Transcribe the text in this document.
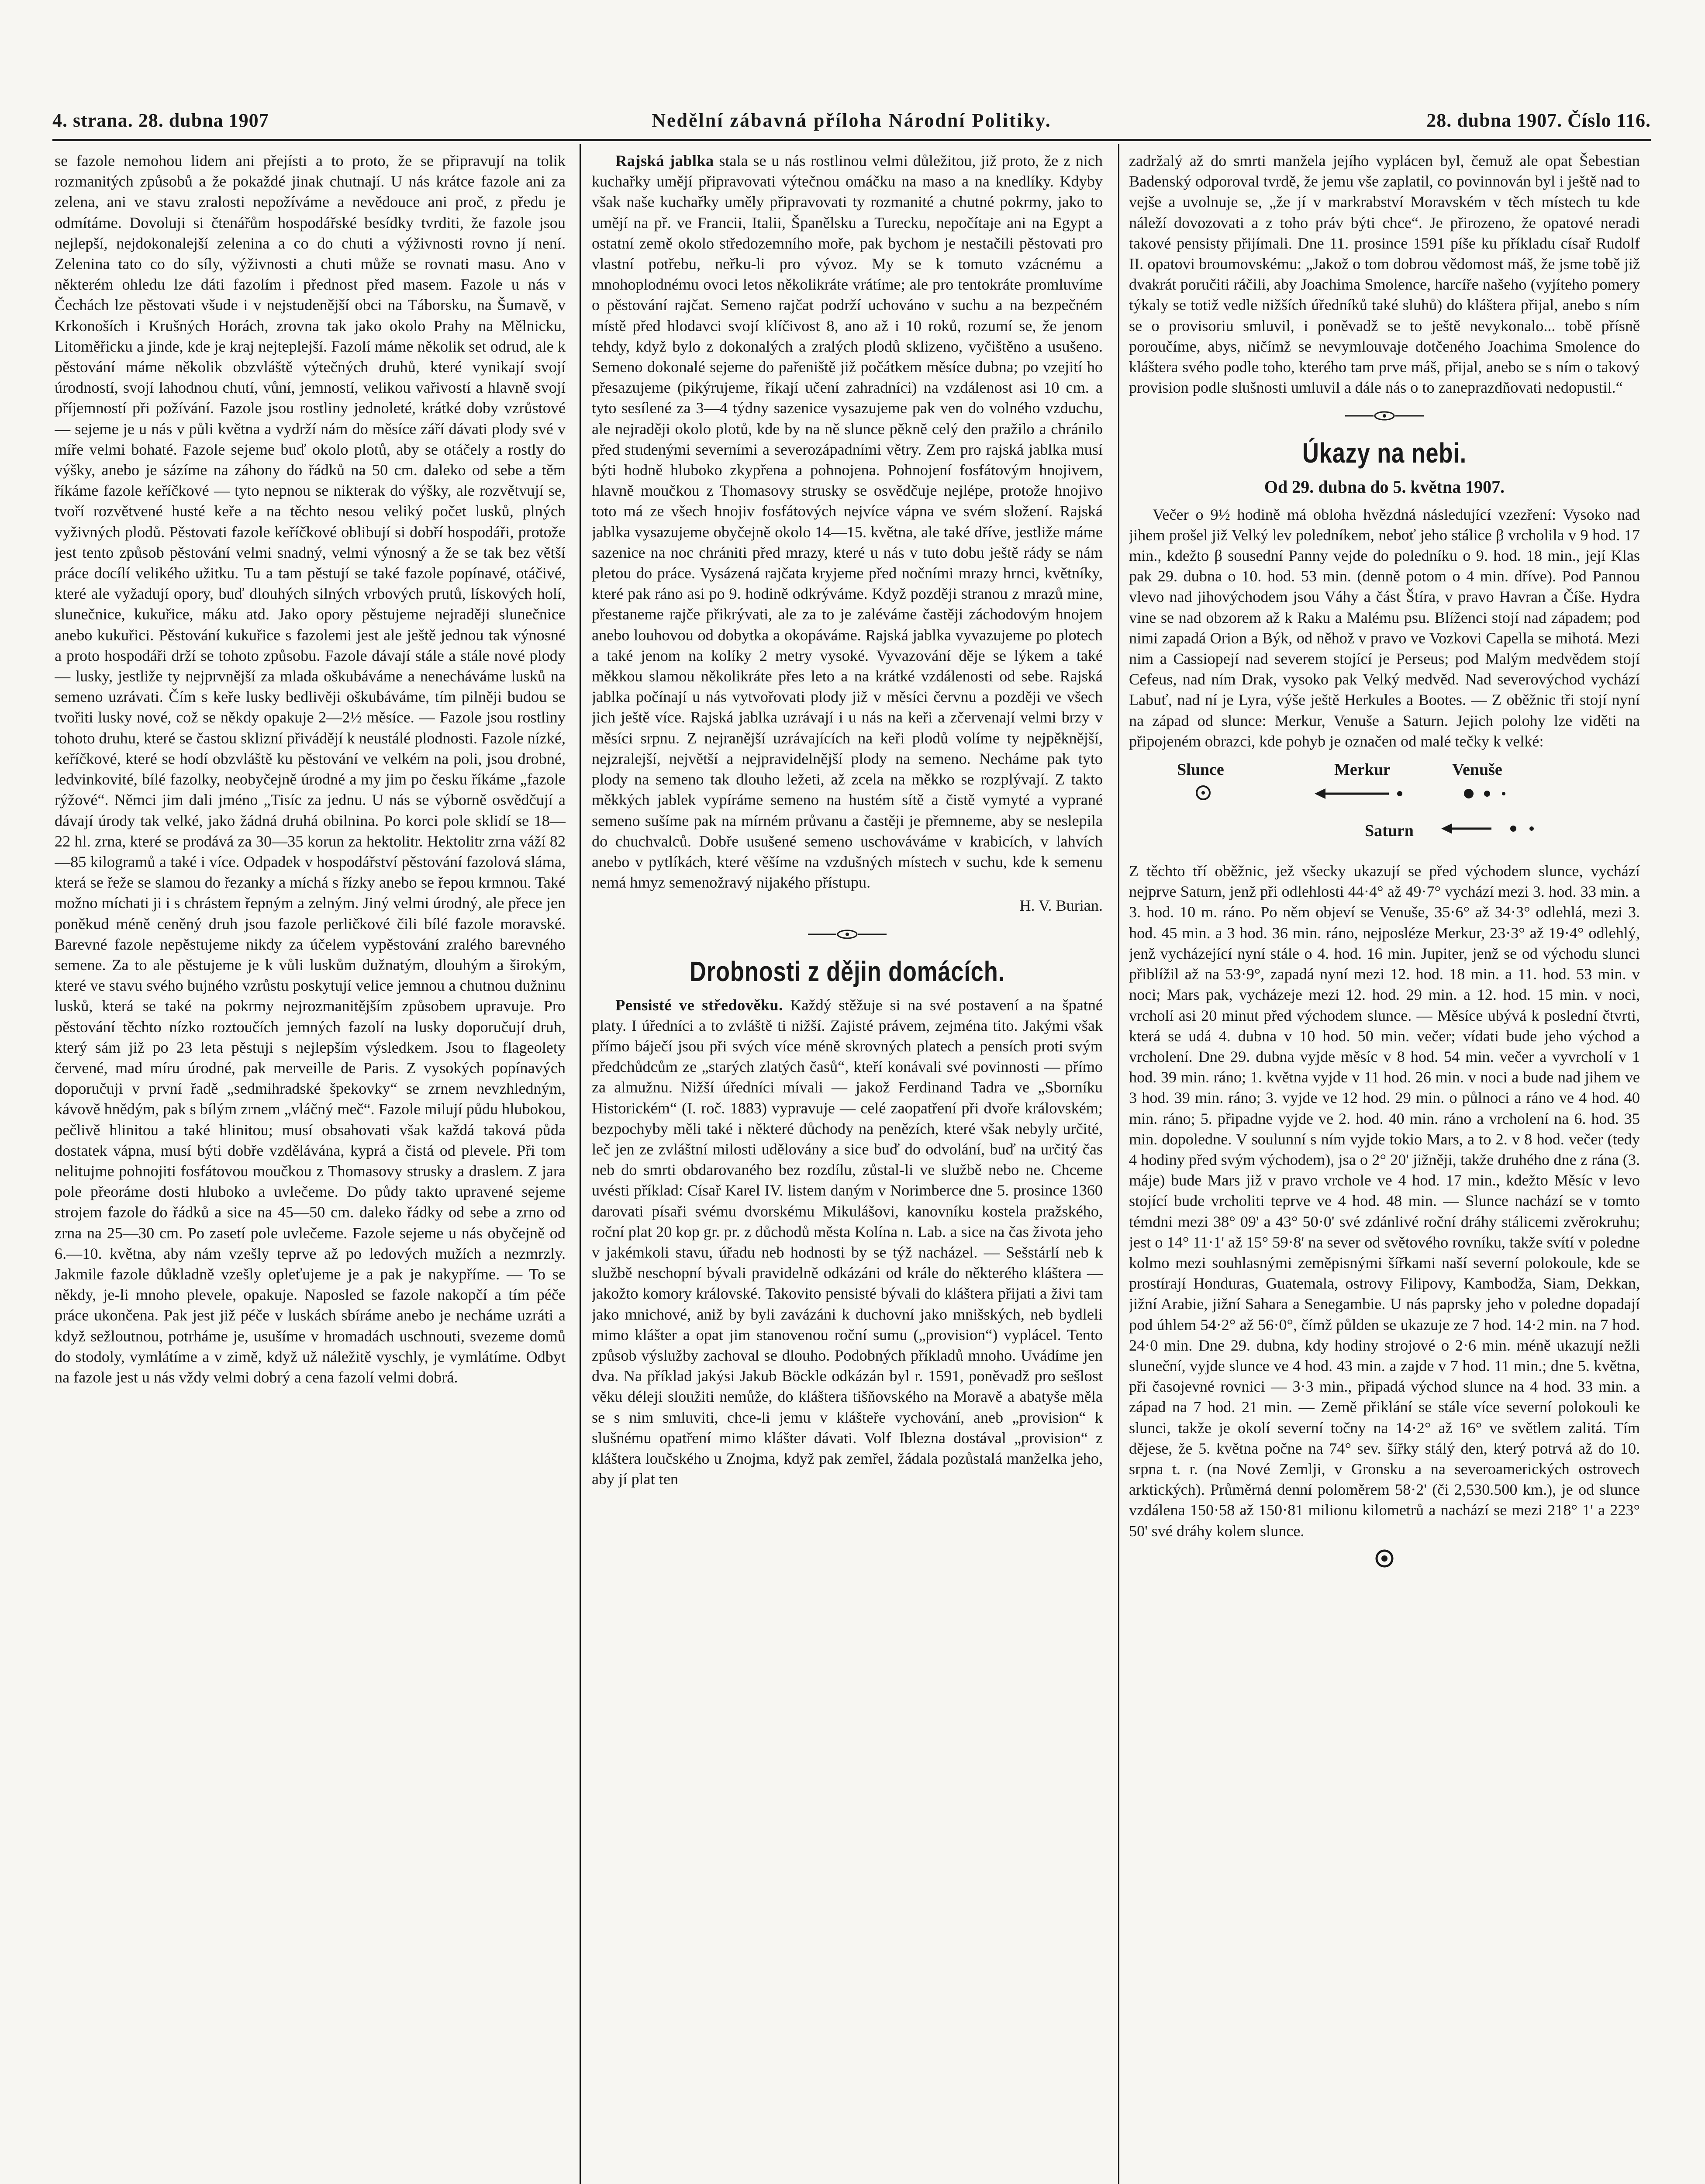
4. strana. 28. dubna 1907	Nedělní zábavná příloha Národní Politiky.	28. dubna 1907. Číslo 116.

se fazole nemohou lidem ani přejísti a to proto, že se připravují na tolik rozmanitých způsobů a že pokaždé jinak chutnají. U nás krátce fazole ani za zelena, ani ve stavu zralosti nepožíváme a nevědouce ani proč, z předu je odmítáme. Dovoluji si čtenářům hospodářské besídky tvrditi, že fazole jsou nejlepší, nejdokonalejší zelenina a co do chuti a výživnosti rovno jí není. Zelenina tato co do síly, výživnosti a chuti může se rovnati masu. Ano v některém ohledu lze dáti fazolím i přednost před masem. Fazole u nás v Čechách lze pěstovati všude i v nejstudenější obci na Táborsku, na Šumavě, v Krkonoších i Krušných Horách, zrovna tak jako okolo Prahy na Mělnicku, Litoměřicku a jinde, kde je kraj nejteplejší. Fazolí máme několik set odrud, ale k pěstování máme několik obzvláště výtečných druhů, které vynikají svojí úrodností, svojí lahodnou chutí, vůní, jemností, velikou vařivostí a hlavně svojí příjemností při požívání. Fazole jsou rostliny jednoleté, krátké doby vzrůstové — sejeme je u nás v půli května a vydrží nám do měsíce září dávati plody své v míře velmi bohaté. Fazole sejeme buď okolo plotů, aby se otáčely a rostly do výšky, anebo je sázíme na záhony do řádků na 50 cm. daleko od sebe a těm říkáme fazole keříčkové — tyto nepnou se nikterak do výšky, ale rozvětvují se, tvoří rozvětvené husté keře a na těchto nesou veliký počet lusků, plných vyživných plodů. Pěstovati fazole keříčkové oblibují si dobří hospodáři, protože jest tento způsob pěstování velmi snadný, velmi výnosný a že se tak bez větší práce docílí velikého užitku. Tu a tam pěstují se také fazole popínavé, otáčivé, které ale vyžadují opory, buď dlouhých silných vrbových prutů, lískových holí, slunečnice, kukuřice, máku atd. Jako opory pěstujeme nejraději slunečnice anebo kukuřici. Pěstování kukuřice s fazolemi jest ale ještě jednou tak výnosné a proto hospodáři drží se tohoto způsobu. Fazole dávají stále a stále nové plody — lusky, jestliže ty nejprvnější za mlada oškubáváme a nenecháváme lusků na semeno uzrávati. Čím s keře lusky bedlivěji oškubáváme, tím pilněji budou se tvořiti lusky nové, což se někdy opakuje 2—2½ měsíce. — Fazole jsou rostliny tohoto druhu, které se častou sklizní přivádějí k neustálé plodnosti. Fazole nízké, keříčkové, které se hodí obzvláště ku pěstování ve velkém na poli, jsou drobné, ledvinkovité, bílé fazolky, neobyčejně úrodné a my jim po česku říkáme „fazole rýžové“. Němci jim dali jméno „Tisíc za jednu. U nás se výborně osvědčují a dávají úrody tak velké, jako žádná druhá obilnina. Po korci pole sklidí se 18—22 hl. zrna, které se prodává za 30—35 korun za hektolitr. Hektolitr zrna váží 82—85 kilogramů a také i více. Odpadek v hospodářství pěstování fazolová sláma, která se řeže se slamou do řezanky a míchá s řízky anebo se řepou krmnou. Také možno míchati ji i s chrástem řepným a zelným. Jiný velmi úrodný, ale přece jen poněkud méně ceněný druh jsou fazole perličkové čili bílé fazole moravské. Barevné fazole nepěstujeme nikdy za účelem vypěstování zralého barevného semene. Za to ale pěstujeme je k vůli luskům dužnatým, dlouhým a širokým, které ve stavu svého bujného vzrůstu poskytují velice jemnou a chutnou dužninu lusků, která se také na pokrmy nejrozmanitějším způsobem upravuje. Pro pěstování těchto nízko roztoučích jemných fazolí na lusky doporučují druh, který sám již po 23 leta pěstuji s nejlepším výsledkem. Jsou to flageolety červené, mad míru úrodné, pak merveille de Paris. Z vysokých popínavých doporučuji v první řadě „sedmihradské špekovky“ se zrnem nevzhledným, kávově hnědým, pak s bílým zrnem „vláčný meč“. Fazole milují půdu hlubokou, pečlivě hlinitou a také hlinitou; musí obsahovati však každá taková půda dostatek vápna, musí býti dobře vzdělávána, kyprá a čistá od plevele. Při tom nelitujme pohnojiti fosfátovou moučkou z Thomasovy strusky a draslem. Z jara pole přeoráme dosti hluboko a uvlečeme. Do půdy takto upravené sejeme strojem fazole do řádků a sice na 45—50 cm. daleko řádky od sebe a zrno od zrna na 25—30 cm. Po zasetí pole uvlečeme. Fazole sejeme u nás obyčejně od 6.—10. května, aby nám vzešly teprve až po ledových mužích a nezmrzly. Jakmile fazole důkladně vzešly opleťujeme je a pak je nakypříme. — To se někdy, je-li mnoho plevele, opakuje. Naposled se fazole nakopčí a tím péče práce ukončena. Pak jest již péče v luskách sbíráme anebo je necháme uzráti a když sežloutnou, potrháme je, usušíme v hromadách uschnouti, svezeme domů do stodoly, vymlátíme a v zimě, když už náležitě vyschly, je vymlátíme. Odbyt na fazole jest u nás vždy velmi dobrý a cena fazolí velmi dobrá.

Rajská jablka stala se u nás rostlinou velmi důležitou, již proto, že z nich kuchařky umějí připravovati výtečnou omáčku na maso a na knedlíky. Kdyby však naše kuchařky uměly připravovati ty rozmanité a chutné pokrmy, jako to umějí na př. ve Francii, Italii, Španělsku a Turecku, nepočítaje ani na Egypt a ostatní země okolo středozemního moře, pak bychom je nestačili pěstovati pro vlastní potřebu, neřku-li pro vývoz. My se k tomuto vzácnému a mnohoplodnému ovoci letos několikráte vrátíme; ale pro tentokráte promluvíme o pěstování rajčat. Semeno rajčat podrží uchováno v suchu a na bezpečném místě před hlodavci svojí klíčivost 8, ano až i 10 roků, rozumí se, že jenom tehdy, když bylo z dokonalých a zralých plodů sklizeno, vyčištěno a usušeno. Semeno dokonalé sejeme do pařeniště již počátkem měsíce dubna; po vzejití ho přesazujeme (pikýrujeme, říkají učení zahradníci) na vzdálenost asi 10 cm. a tyto sesílené za 3—4 týdny sazenice vysazujeme pak ven do volného vzduchu, ale nejraději okolo plotů, kde by na ně slunce pěkně celý den pražilo a chránilo před studenými severními a severozápadními větry. Zem pro rajská jablka musí býti hodně hluboko zkypřena a pohnojena. Pohnojení fosfátovým hnojivem, hlavně moučkou z Thomasovy strusky se osvědčuje nejlépe, protože hnojivo toto má ze všech hnojiv fosfátových nejvíce vápna ve svém složení. Rajská jablka vysazujeme obyčejně okolo 14—15. května, ale také dříve, jestliže máme sazenice na noc chrániti před mrazy, které u nás v tuto dobu ještě rády se nám pletou do práce. Vysázená rajčata kryjeme před nočními mrazy hrnci, květníky, které pak ráno asi po 9. hodině odkrýváme. Když později stranou z mrazů mine, přestaneme rajče přikrývati, ale za to je zaléváme častěji záchodovým hnojem anebo louhovou od dobytka a okopáváme. Rajská jablka vyvazujeme po plotech a také jenom na kolíky 2 metry vysoké. Vyvazování děje se lýkem a také měkkou slamou několikráte přes leto a na krátké vzdálenosti od sebe. Rajská jablka počínají u nás vytvořovati plody již v měsíci červnu a později ve všech jich ještě více. Rajská jablka uzrávají i u nás na keři a zčervenají velmi brzy v měsíci srpnu. Z nejranější uzrávajících na keři plodů volíme ty nejpěknější, nejzralejší, největší a nejpravidelnější plody na semeno. Necháme pak tyto plody na semeno tak dlouho ležeti, až zcela na měkko se rozplývají. Z takto měkkých jablek vypíráme semeno na hustém sítě a čistě vymyté a vyprané semeno sušíme pak na mírném průvanu a častěji je přemneme, aby se neslepila do chuchvalců. Dobře usušené semeno uschováváme v krabicích, v lahvích anebo v pytlíkách, které věšíme na vzdušných místech v suchu, kde k semenu nemá hmyz semenožravý nijakého přístupu.

H. V. Burian.
Drobnosti z dějin domácích.

Pensisté ve středověku. Každý stěžuje si na své postavení a na špatné platy. I úředníci a to zvláště ti nižší. Zajisté právem, zejména tito. Jakými však přímo báječí jsou při svých více méně skrovných platech a pensích proti svým předchůdcům ze „starých zlatých časů“, kteří konávali své povinnosti — přímo za almužnu. Nižší úředníci mívali — jakož Ferdinand Tadra ve „Sborníku Historickém“ (I. roč. 1883) vypravuje — celé zaopatření při dvoře královském; bezpochyby měli také i některé důchody na penězích, které však nebyly určité, leč jen ze zvláštní milosti udělovány a sice buď do odvolání, buď na určitý čas neb do smrti obdarovaného bez rozdílu, zůstal-li ve službě nebo ne. Chceme uvésti příklad: Císař Karel IV. listem daným v Norimberce dne 5. prosince 1360 darovati písaři svému dvorskému Mikulášovi, kanovníku kostela pražského, roční plat 20 kop gr. pr. z důchodů města Kolína n. Lab. a sice na čas života jeho v jakémkoli stavu, úřadu neb hodnosti by se týž nacházel. — Sešstárlí neb k službě neschopní bývali pravidelně odkázáni od krále do některého kláštera — jakožto komory královské. Takovito pensisté bývali do kláštera přijati a živi tam jako mnichové, aniž by byli zavázáni k duchovní jako mnišských, neb bydleli mimo klášter a opat jim stanovenou roční sumu („provision“) vyplácel. Tento způsob výslužby zachoval se dlouho. Podobných příkladů mnoho. Uvádíme jen dva. Na příklad jakýsi Jakub Böckle odkázán byl r. 1591, poněvadž pro sešlost věku déleji sloužiti nemůže, do kláštera tišňovského na Moravě a abatyše měla se s nim smluviti, chce-li jemu v klášteře vychování, aneb „provision“ k slušnému opatření mimo klášter dávati. Volf Iblezna dostával „provision“ z kláštera loučského u Znojma, když pak zemřel, žádala pozůstalá manželka jeho, aby jí plat ten

zadržalý až do smrti manžela jejího vyplácen byl, čemuž ale opat Šebestian Badenský odporoval tvrdě, že jemu vše zaplatil, co povinnován byl i ještě nad to vejše a uvolnuje se, „že jí v markrabství Moravském v těch místech tu kde náleží dovozovati a z toho práv býti chce“. Je přirozeno, že opatové neradi takové pensisty přijímali. Dne 11. prosince 1591 píše ku příkladu císař Rudolf II. opatovi broumovskému: „Jakož o tom dobrou vědomost máš, že jsme tobě již dvakrát poručiti ráčili, aby Joachima Smolence, harcíře našeho (vyjíteho pomery týkaly se totiž vedle nižších úředníků také sluhů) do kláštera přijal, anebo s ním se o provisoriu smluvil, i poněvadž se to ještě nevykonalo... tobě přísně poroučíme, abys, ničímž se nevymlouvaje dotčeného Joachima Smolence do kláštera svého podle toho, kterého tam prve máš, přijal, anebo se s ním o takový provision podle slušnosti umluvil a dále nás o to zaneprazdňovati nedopustil.“

Úkazy na nebi.
Od 29. dubna do 5. května 1907.

Večer o 9½ hodině má obloha hvězdná následující vzezření: Vysoko nad jihem prošel již Velký lev poledníkem, neboť jeho stálice β vrcholila v 9 hod. 17 min., kdežto β sousední Panny vejde do poledníku o 9. hod. 18 min., její Klas pak 29. dubna o 10. hod. 53 min. (denně potom o 4 min. dříve). Pod Pannou vlevo nad jihovýchodem jsou Váhy a část Štíra, v pravo Havran a Číše. Hydra vine se nad obzorem až k Raku a Malému psu. Blíženci stojí nad západem; pod nimi zapadá Orion a Býk, od něhož v pravo ve Vozkovi Capella se mihotá. Mezi nim a Cassiopejí nad severem stojící je Perseus; pod Malým medvědem stojí Cefeus, nad ním Drak, vysoko pak Velký medvěd. Nad severovýchod vychází Labuť, nad ní je Lyra, výše ještě Herkules a Bootes. — Z oběžnic tři stojí nyní na západ od slunce: Merkur, Venuše a Saturn. Jejich polohy lze viděti na připojeném obrazci, kde pohyb je označen od malé tečky k velké:

Slunce	Merkur	Venuše
Saturn

Z těchto tří oběžnic, jež všecky ukazují se před východem slunce, vychází nejprve Saturn, jenž při odlehlosti 44·4° až 49·7° vychází mezi 3. hod. 33 min. a 3. hod. 10 m. ráno. Po něm objeví se Venuše, 35·6° až 34·3° odlehlá, mezi 3. hod. 45 min. a 3 hod. 36 min. ráno, nejposléze Merkur, 23·3° až 19·4° odlehlý, jenž vycházející nyní stále o 4. hod. 16 min. Jupiter, jenž se od východu slunci přiblížil až na 53·9°, zapadá nyní mezi 12. hod. 18 min. a 11. hod. 53 min. v noci; Mars pak, vycházeje mezi 12. hod. 29 min. a 12. hod. 15 min. v noci, vrcholí asi 20 minut před východem slunce. — Měsíce ubývá k poslední čtvrti, která se udá 4. dubna v 10 hod. 50 min. večer; vídati bude jeho východ a vrcholení. Dne 29. dubna vyjde měsíc v 8 hod. 54 min. večer a vyvrcholí v 1 hod. 39 min. ráno; 1. května vyjde v 11 hod. 26 min. v noci a bude nad jihem ve 3 hod. 39 min. ráno; 3. vyjde ve 12 hod. 29 min. o půlnoci a ráno ve 4 hod. 40 min. ráno; 5. připadne vyjde ve 2. hod. 40 min. ráno a vrcholení na 6. hod. 35 min. dopoledne. V soulunní s ním vyjde tokio Mars, a to 2. v 8 hod. večer (tedy 4 hodiny před svým východem), jsa o 2° 20' jižněji, takže druhého dne z rána (3. máje) bude Mars již v pravo vrchole ve 4 hod. 17 min., kdežto Měsíc v levo stojící bude vrcholiti teprve ve 4 hod. 48 min. — Slunce nachází se v tomto témdni mezi 38° 09' a 43° 50·0' své zdánlivé roční dráhy stálicemi zvěrokruhu; jest o 14° 11·1' až 15° 59·8' na sever od světového rovníku, takže svítí v poledne kolmo mezi souhlasnými zeměpisnými šířkami naší severní polokoule, kde se prostírají Honduras, Guatemala, ostrovy Filipovy, Kambodža, Siam, Dekkan, jižní Arabie, jižní Sahara a Senegambie. U nás paprsky jeho v poledne dopadají pod úhlem 54·2° až 56·0°, čímž půlden se ukazuje ze 7 hod. 14·2 min. na 7 hod. 24·0 min. Dne 29. dubna, kdy hodiny strojové o 2·6 min. méně ukazují nežli sluneční, vyjde slunce ve 4 hod. 43 min. a zajde v 7 hod. 11 min.; dne 5. května, při časojevné rovnici — 3·3 min., připadá východ slunce na 4 hod. 33 min. a západ na 7 hod. 21 min. — Země přiklání se stále více severní polokouli ke slunci, takže je okolí severní točny na 14·2° až 16° ve světlem zalitá. Tím dějese, že 5. května počne na 74° sev. šířky stálý den, který potrvá až do 10. srpna t. r. (na Nové Zemlji, v Gronsku a na severoamerických ostrovech arktických). Průměrná denní poloměrem 58·2' (či 2,530.500 km.), je od slunce vzdálena 150·58 až 150·81 milionu kilometrů a nachází se mezi 218° 1' a 223° 50' své dráhy kolem slunce.
